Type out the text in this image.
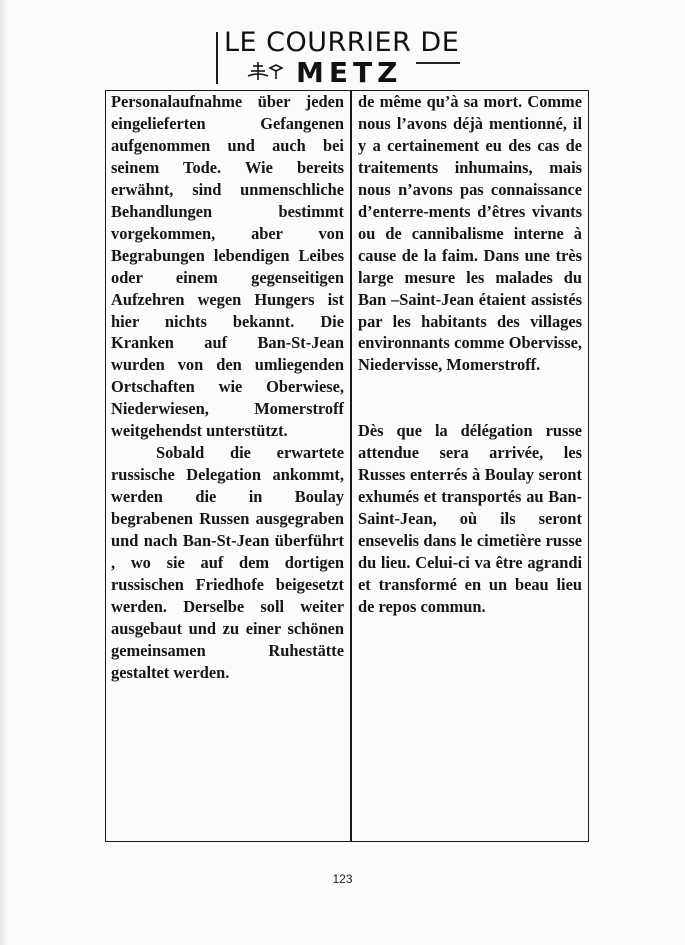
LE COURRIER DE
METZ

Personalaufnahme über jeden eingelieferten Gefangenen aufgenommen und auch bei seinem Tode. Wie bereits erwähnt, sind unmenschliche Behandlungen bestimmt vorgekommen, aber von Begrabungen lebendigen Leibes oder einem gegenseitigen Aufzehren wegen Hungers ist hier nichts bekannt. Die Kranken auf Ban-St-Jean wurden von den umliegenden Ortschaften wie Oberwiese, Niederwiesen, Momerstroff weitgehendst unterstützt.

Sobald die erwartete russische Delegation ankommt, werden die in Boulay begrabenen Russen ausgegraben und nach Ban-St-Jean überführt , wo sie auf dem dortigen russischen Friedhofe beigesetzt werden. Derselbe soll weiter ausgebaut und zu einer schönen gemeinsamen Ruhestätte gestaltet werden.

de même qu’à sa mort. Comme nous l’avons déjà mentionné, il y a certainement eu des cas de traitements inhumains, mais nous n’avons pas connaissance d’enterre-ments d’êtres vivants ou de cannibalisme interne à cause de la faim. Dans une très large mesure les malades du Ban –Saint-Jean étaient assistés par les habitants des villages environnants comme Obervisse, Niedervisse, Momerstroff.

Dès que la délégation russe attendue sera arrivée, les Russes enterrés à Boulay seront exhumés et transportés au Ban-Saint-Jean, où ils seront ensevelis dans le cimetière russe du lieu. Celui-ci va être agrandi et transformé en un beau lieu de repos commun.

123
